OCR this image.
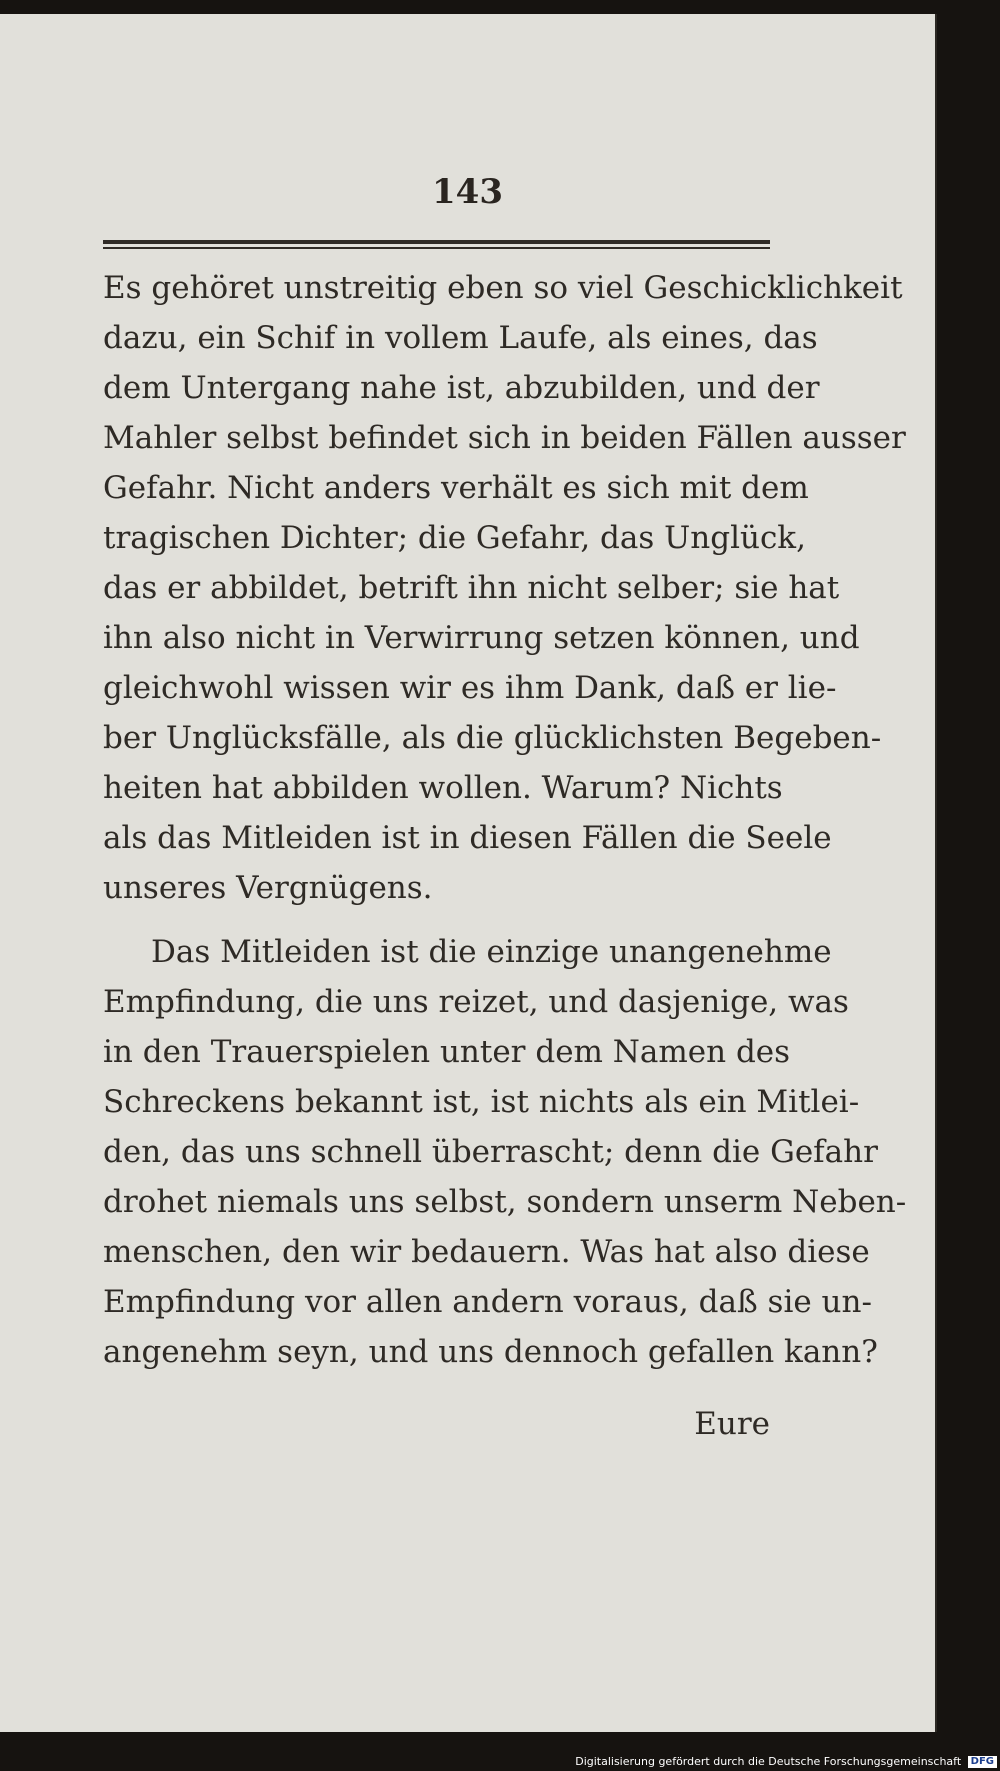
143
Es gehöret unstreitig eben so viel Geschicklichkeit
dazu, ein Schif in vollem Laufe, als eines, das
dem Untergang nahe ist, abzubilden, und der
Mahler selbst befindet sich in beiden Fällen ausser
Gefahr. Nicht anders verhält es sich mit dem
tragischen Dichter; die Gefahr, das Unglück,
das er abbildet, betrift ihn nicht selber; sie hat
ihn also nicht in Verwirrung setzen können, und
gleichwohl wissen wir es ihm Dank, daß er lie-
ber Unglücksfälle, als die glücklichsten Begeben-
heiten hat abbilden wollen. Warum? Nichts
als das Mitleiden ist in diesen Fällen die Seele
unseres Vergnügens.
Das Mitleiden ist die einzige unangenehme
Empfindung, die uns reizet, und dasjenige, was
in den Trauerspielen unter dem Namen des
Schreckens bekannt ist, ist nichts als ein Mitlei-
den, das uns schnell überrascht; denn die Gefahr
drohet niemals uns selbst, sondern unserm Neben-
menschen, den wir bedauern. Was hat also diese
Empfindung vor allen andern voraus, daß sie un-
angenehm seyn, und uns dennoch gefallen kann?
Eure
Digitalisierung gefördert durch die Deutsche Forschungsgemeinschaft DFG
